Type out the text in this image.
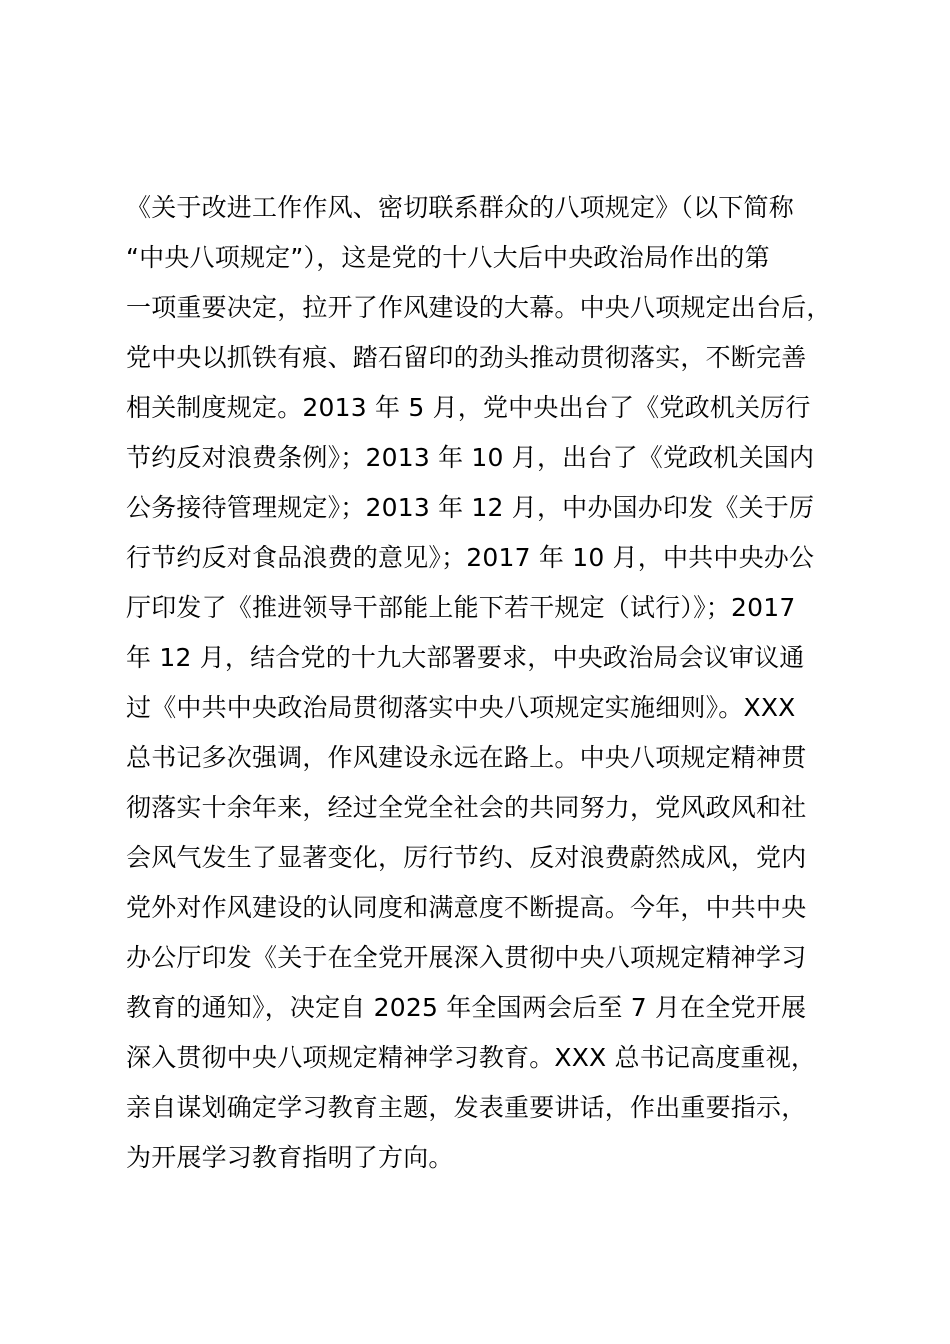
《关于改进工作作风、密切联系群众的八项规定》（以下简称
“中央八项规定”），这是党的十八大后中央政治局作出的第
一项重要决定，拉开了作风建设的大幕。中央八项规定出台后，
党中央以抓铁有痕、踏石留印的劲头推动贯彻落实，不断完善
相关制度规定。2013 年 5 月，党中央出台了《党政机关厉行
节约反对浪费条例》；2013 年 10 月，出台了《党政机关国内
公务接待管理规定》；2013 年 12 月，中办国办印发《关于厉
行节约反对食品浪费的意见》；2017 年 10 月，中共中央办公
厅印发了《推进领导干部能上能下若干规定（试行）》；2017
年 12 月，结合党的十九大部署要求，中央政治局会议审议通
过《中共中央政治局贯彻落实中央八项规定实施细则》。XXX
总书记多次强调，作风建设永远在路上。中央八项规定精神贯
彻落实十余年来，经过全党全社会的共同努力，党风政风和社
会风气发生了显著变化，厉行节约、反对浪费蔚然成风，党内
党外对作风建设的认同度和满意度不断提高。今年，中共中央
办公厅印发《关于在全党开展深入贯彻中央八项规定精神学习
教育的通知》，决定自 2025 年全国两会后至 7 月在全党开展
深入贯彻中央八项规定精神学习教育。XXX 总书记高度重视，
亲自谋划确定学习教育主题，发表重要讲话，作出重要指示，
为开展学习教育指明了方向。
